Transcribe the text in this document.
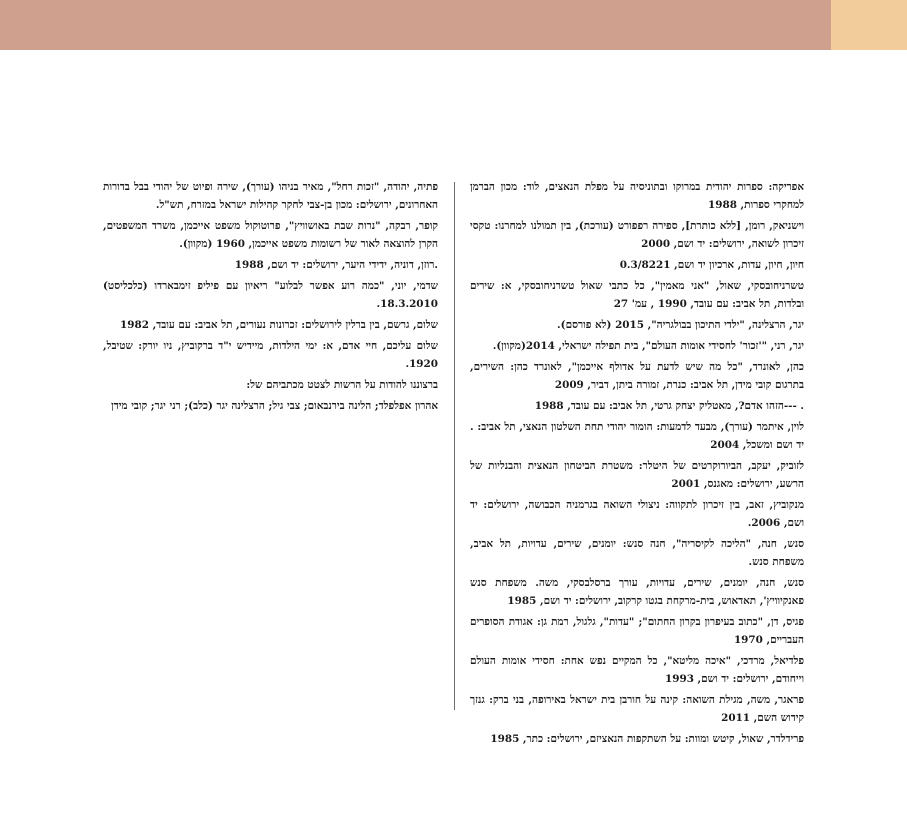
אפריקה: ספרות יהודית במרוקו ובתוניסיה על מפלת הנאצים, לוד: מכון הברמן למחקרי ספרות, 1988

וישניאק, רומן, [ללא כותרת], ספירה רפפורט (עורכת), בין תמולנו למחרנו: טקסי זיכרון לשואה, ירושלים: יד ושם, 2000

חיון, חיון, עדות, ארכיון יד ושם, 0.3/8221

טשרניחובסקי, שאול, "אני מאמין", כל כתבי שאול טשרניחובסקי, א: שירים ובלדות, תל אביב: עם עובד, 1990 , עמ' 27

יגר, הרצלינה, "ילדי התיכון בבולגריה", 2015 (לא פורסם).

יגר, רני, "'זכור' לחסידי אומות העולם", בית תפילה ישראלי, 2014(מקוון).

כהן, לאונרד, "כל מה שיש לדעת על אדולף אייכמן", לאונרד כהן: השירים, בתרגום קובי מידן, תל אביב: כנרת, זמורה ביתן, דביר, 2009

. ---הזהו אדם?, מאטליק יצחק גרטי, תל אביב: עם עובד, 1988

לוין, איתמר (עורך), מבעד לדמעות: הומור יהודי תחת השלטון הנאצי, תל אביב: . יד ושם ומשכל, 2004

לזוביק, יעקב, הביורוקרטים של היטלר: משטרת הביטחון הנאצית והבנליות של הרשע, ירושלים: מאגנס, 2001

מנקוביץ, זאב, בין זיכרון לתקווה: ניצולי השואה בגרמניה הכבושה, ירושלים: יד ושם, 2006.

סנש, חנה, "הליכה לקיסריה", חנה סנש: יומנים, שירים, עדויות, תל אביב, משפחת סנש.

סנש, חנה, יומנים, שירים, עדויות, עורך ברסלבסקי, משה. משפחת סנש פאנקיוויץ', תאדאוש, בית-מרקחת בגטו קרקוב, ירושלים: יד ושם, 1985

פגיס, דן, "כתוב בעיפרון בקרון החתום"; "עדות", גלגול, רמת גן: אגודת הסופרים העבריים, 1970

פלדיאל, מרדכי, "איכה מליטא", כל המקיים נפש אחת: חסידי אומות העולם וייחודם, ירושלים: יד ושם, 1993

פראגר, משה, מגילת השואה: קינה על חורבן בית ישראל באירופה, בני ברק: גנזך קידוש השם, 2011

פרידלדר, שאול, קיטש ומוות: על השתקפות הנאציזם, ירושלים: כתר, 1985

פתיה, יהודה, "זכות רחל", מאיר בניהו (עורך), שירה ופיוט של יהודי בבל בדורות האחרונים, ירושלים: מכון בן-צבי לחקר קהילות ישראל במזרח, תש"ל.

קופר, רבקה, "נרות שבת באושוויץ", פרוטוקול משפט אייכמן, משרד המשפטים, הקרן להוצאה לאור של רשומות משפט אייכמן, 1960 (מקוון).

.רוזן, דוניה, ידידי היער, ירושלים: יד ושם, 1988

שדמי, יוני, "כמה רוע אפשר לבלוע" ריאיון עם פיליפ זימבארדו (כלכליסט) 18.3.2010.

שלום, גרשם, בין ברלין לירושלים: זכרונות נעורים, תל אביב: עם עובד, 1982

שלום עליכם, חיי אדם, א: ימי הילדות, מיידיש י"ד ברקוביץ, ניו יורק: שטיבל, 1920.

ברצוננו להודות על הרשות לצטט מכתביהם של:

אהרון אפלפלד; הלינה בירנבאום; צבי גיל; הרצלינה יגר (כלב); רני יגר; קובי מידן
